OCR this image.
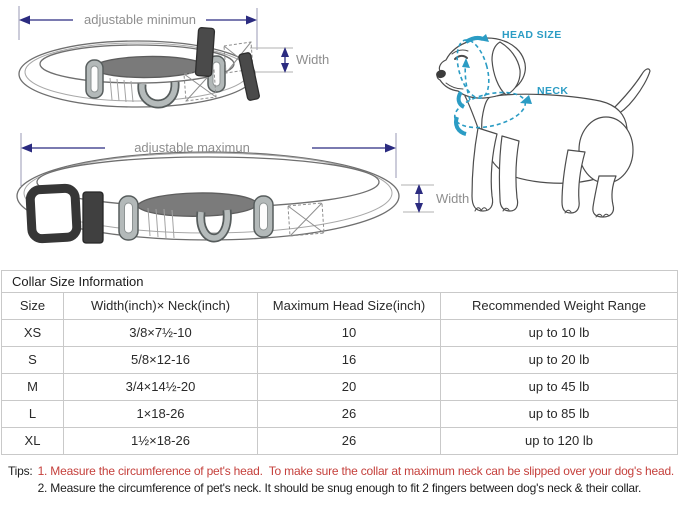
adjustable minimun
Width
adjustable maximun
Width
HEAD SIZE
NECK
Collar Size Information			
Size	Width(inch)× Neck(inch)	Maximum Head Size(inch)	Recommended Weight Range
XS	3/8×7½-10	10	up to 10 lb
S	5/8×12-16	16	up to 20 lb
M	3/4×14½-20	20	up to 45 lb
L	1×18-26	26	up to 85 lb
XL	1½×18-26	26	up to 120 lb
Tips: 1. Measure the circumference of pet's head.  To make sure the collar at maximum neck can be slipped over your dog's head.
2. Measure the circumference of pet's neck. It should be snug enough to fit 2 fingers between dog's neck & their collar.
